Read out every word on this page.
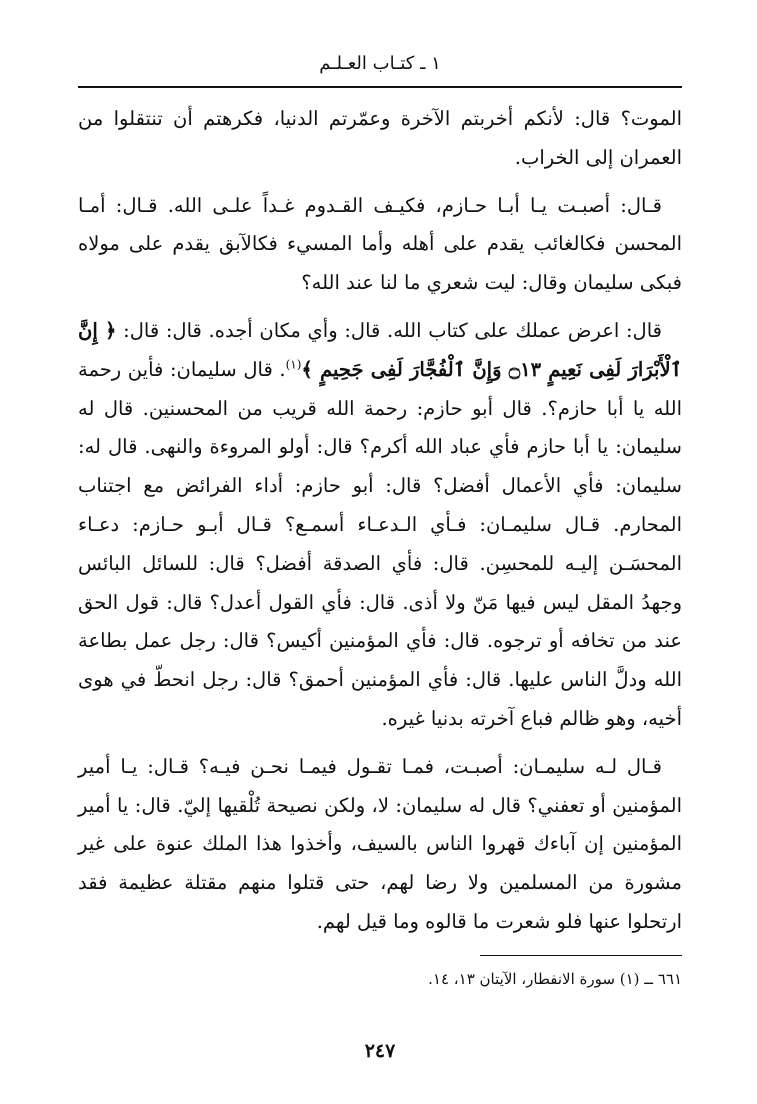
١ ـ كتـاب العـلـم

الموت؟ قال: لأنكم أخربتم الآخرة وعمّرتم الدنيا، فكرهتم أن تنتقلوا من العمران إلى الخراب.

قـال: أصبـت يـا أبـا حـازم، فكيـف القـدوم غـداً علـى الله. قـال: أمـا المحسن فكالغائب يقدم على أهله وأما المسيء فكالآبق يقدم على مولاه فبكى سليمان وقال: ليت شعري ما لنا عند الله؟

قال: اعرض عملك على كتاب الله. قال: وأي مكان أجده. قال: قال: ﴿ إِنَّ ٱلْأَبْرَارَ لَفِى نَعِيمٍ ۝١٣ وَإِنَّ ٱلْفُجَّارَ لَفِى جَحِيمٍ ﴾$^{(١)}$. قال سليمان: فأين رحمة الله يا أبا حازم؟. قال أبو حازم: رحمة الله قريب من المحسنين. قال له سليمان: يا أبا حازم فأي عباد الله أكرم؟ قال: أولو المروءة والنهى. قال له: سليمان: فأي الأعمال أفضل؟ قال: أبو حازم: أداء الفرائض مع اجتناب المحارم. قـال سليمـان: فـأي الـدعـاء أسمـع؟ قـال أبـو حـازم: دعـاء المحسَـن إليـه للمحسِن. قال: فأي الصدقة أفضل؟ قال: للسائل البائس وجهدُ المقل ليس فيها مَنّ ولا أذى. قال: فأي القول أعدل؟ قال: قول الحق عند من تخافه أو ترجوه. قال: فأي المؤمنين أكيس؟ قال: رجل عمل بطاعة الله ودلَّ الناس عليها. قال: فأي المؤمنين أحمق؟ قال: رجل انحطّ في هوى أخيه، وهو ظالم فباع آخرته بدنيا غيره.

قـال لـه سليمـان: أصبـت، فمـا تقـول فيمـا نحـن فيـه؟ قـال: يـا أمير المؤمنين أو تعفني؟ قال له سليمان: لا، ولكن نصيحة تُلْقيها إليّ. قال: يا أمير المؤمنين إن آباءك قهروا الناس بالسيف، وأخذوا هذا الملك عنوة على غير مشورة من المسلمين ولا رضا لهم، حتى قتلوا منهم مقتلة عظيمة فقد ارتحلوا عنها فلو شعرت ما قالوه وما قيل لهم.

٦٦١ ــ (١) سورة الانفطار، الآيتان ١٣، ١٤.
٢٤٧
